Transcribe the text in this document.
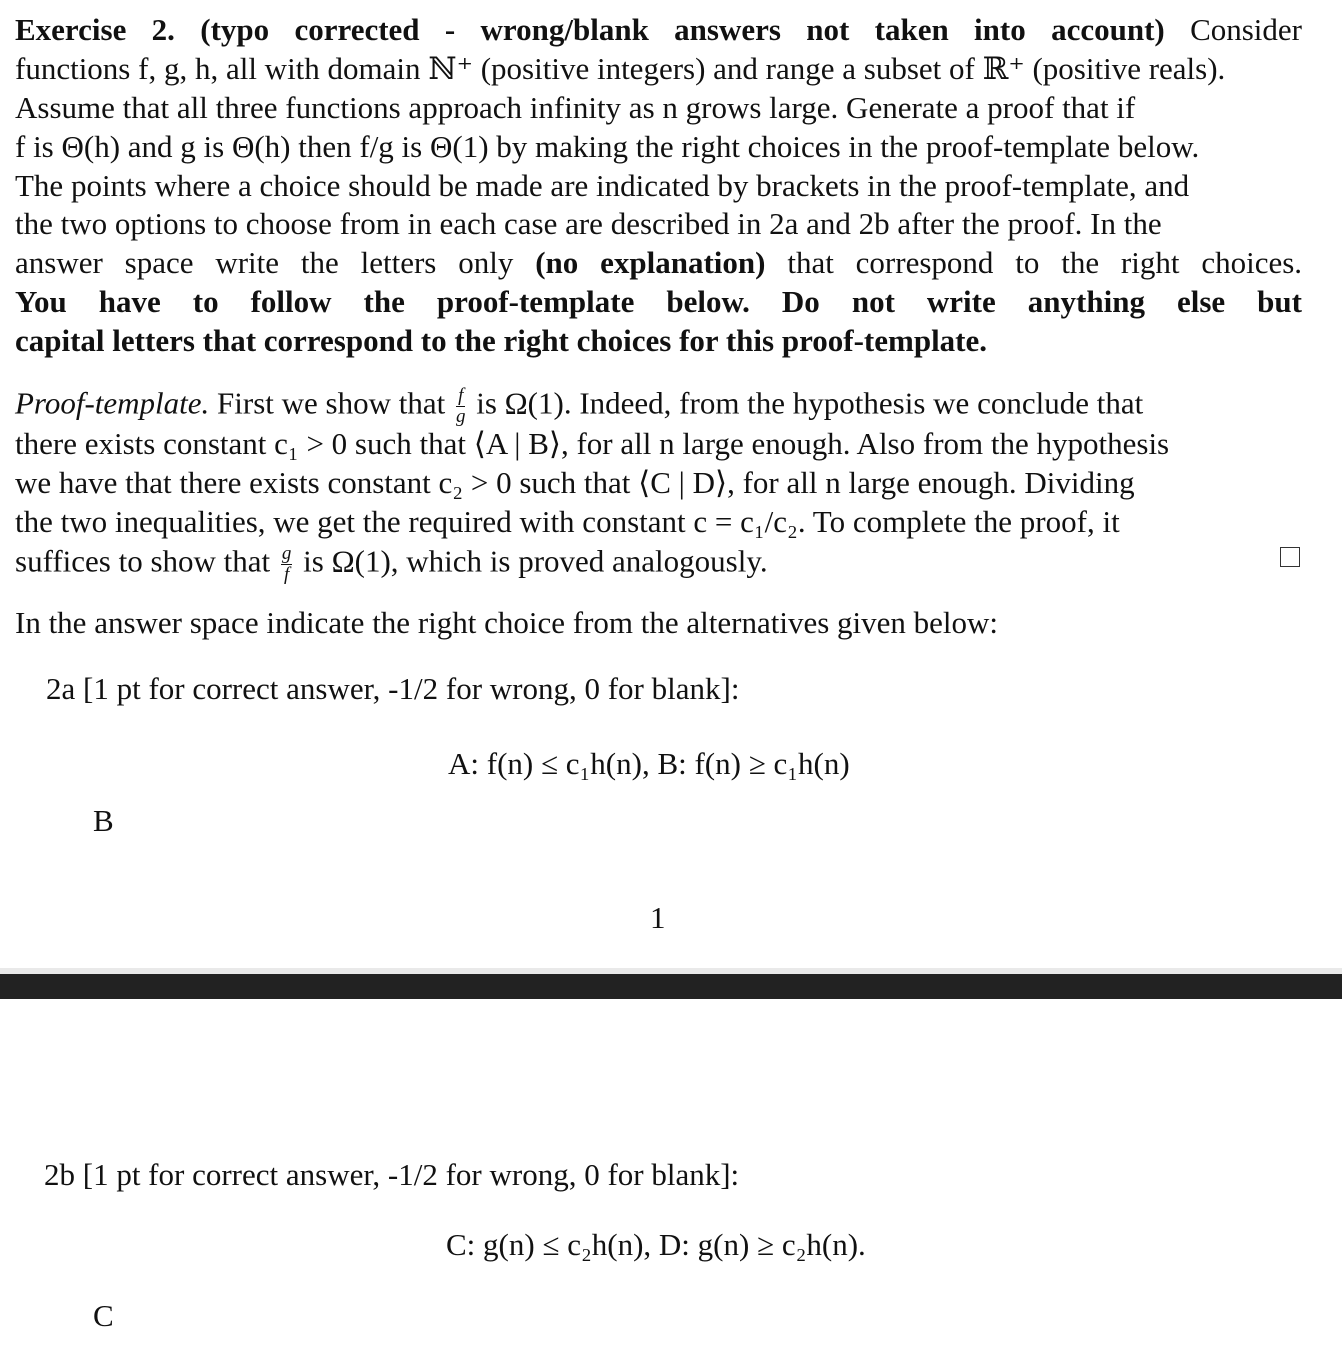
Exercise 2. (typo corrected - wrong/blank answers not taken into account) Consider
functions f, g, h, all with domain ℕ⁺ (positive integers) and range a subset of ℝ⁺ (positive reals).
Assume that all three functions approach infinity as n grows large. Generate a proof that if
f is Θ(h) and g is Θ(h) then f/g is Θ(1) by making the right choices in the proof-template below.
The points where a choice should be made are indicated by brackets in the proof-template, and
the two options to choose from in each case are described in 2a and 2b after the proof. In the
answer space write the letters only (no explanation) that correspond to the right choices.
You have to follow the proof-template below. Do not write anything else but
capital letters that correspond to the right choices for this proof-template.
Proof-template. First we show that $\frac{f}{g}$ is Ω(1). Indeed, from the hypothesis we conclude that
there exists constant c₁ > 0 such that ⟨A | B⟩, for all n large enough. Also from the hypothesis
we have that there exists constant c₂ > 0 such that ⟨C | D⟩, for all n large enough. Dividing
the two inequalities, we get the required with constant c = c₁/c₂. To complete the proof, it
suffices to show that $\frac{g}{f}$ is Ω(1), which is proved analogously.
In the answer space indicate the right choice from the alternatives given below:
2a [1 pt for correct answer, -1/2 for wrong, 0 for blank]:
A: f(n) ≤ c₁h(n), B: f(n) ≥ c₁h(n)
B
1
2b [1 pt for correct answer, -1/2 for wrong, 0 for blank]:
C: g(n) ≤ c₂h(n), D: g(n) ≥ c₂h(n).
C
